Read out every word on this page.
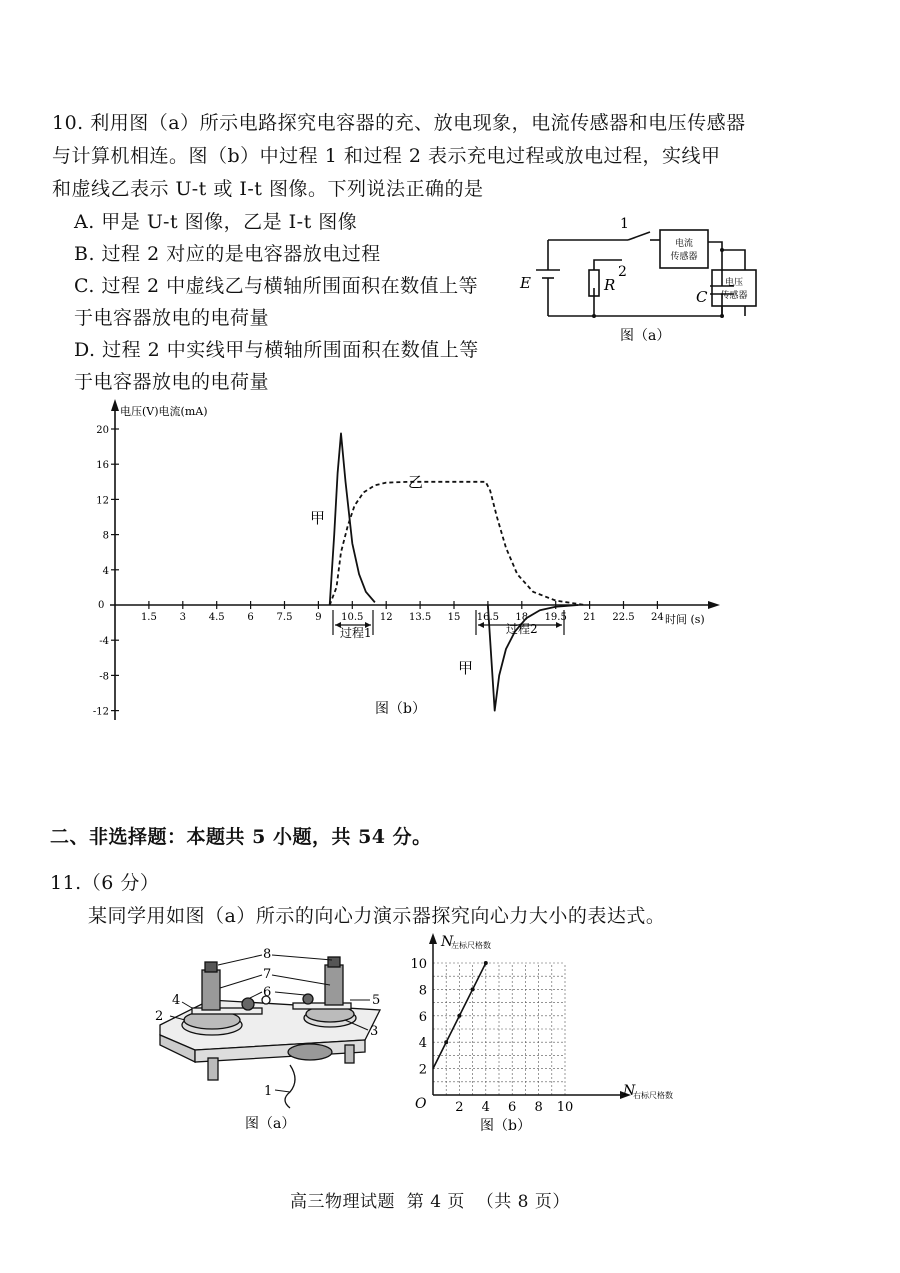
10. 利用图（a）所示电路探究电容器的充、放电现象，电流传感器和电压传感器
与计算机相连。图（b）中过程 1 和过程 2 表示充电过程或放电过程，实线甲
和虚线乙表示 U-t 或 I-t 图像。下列说法正确的是
A. 甲是 U-t 图像，乙是 I-t 图像
B. 过程 2 对应的是电容器放电过程
C. 过程 2 中虚线乙与横轴所围面积在数值上等
于电容器放电的电荷量
D. 过程 2 中实线甲与横轴所围面积在数值上等
于电容器放电的电荷量
1
2
E	R
C
电流
传感器
电压
传感器
图（a）
电压(V)电流(mA)
时间 (s)
0
1.5 3 4.5 6 7.5 9 10.5 12 13.5 15 16.5 18 19.5 21 22.5 24
20
16
12
8
4
-4
-8
-12
过程1	过程2
甲
乙
甲
图（b）
二、非选择题：本题共 5 小题，共 54 分。
11.（6 分）
某同学用如图（a）所示的向心力演示器探究向心力大小的表达式。
8
7
6
5
4
3
2
1
图（a）
N
左标尺格数
N
右标尺格数
O
10
8
6
4
2
2 4 6 8 10
图（b）
高三物理试题  第 4 页  （共 8 页）
